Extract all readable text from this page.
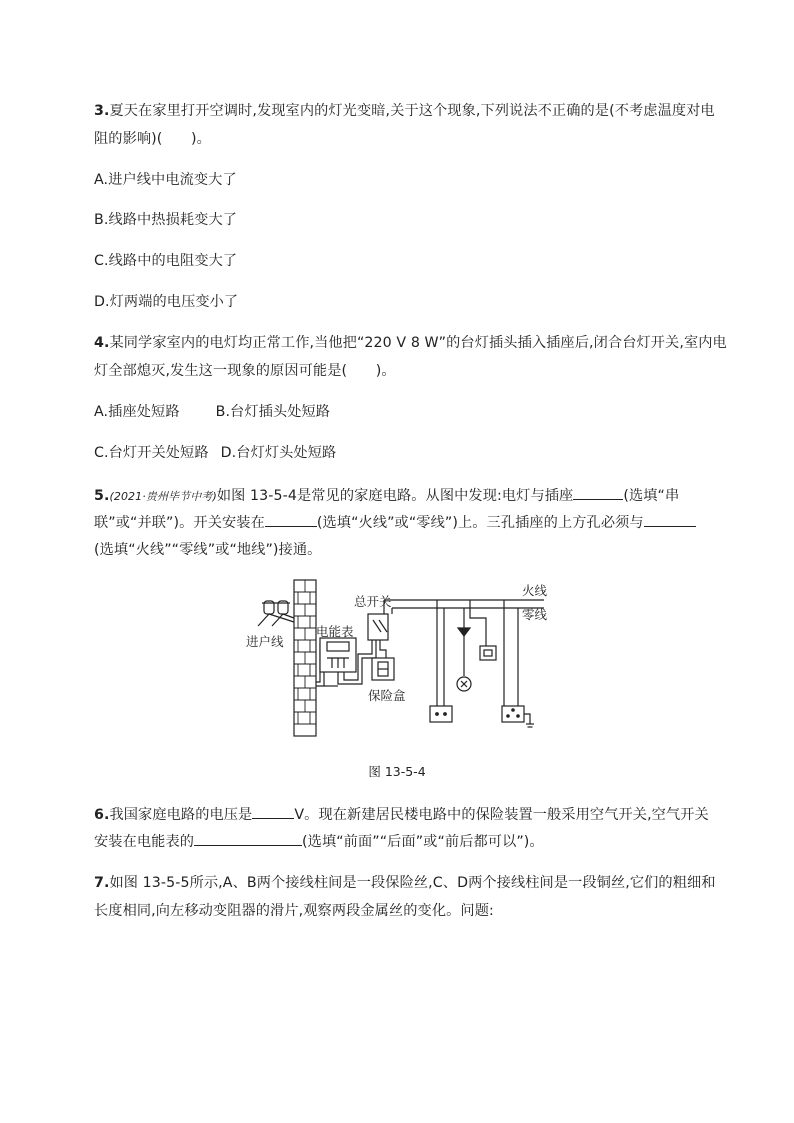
3.夏天在家里打开空调时,发现室内的灯光变暗,关于这个现象,下列说法不正确的是(不考虑温度对电
阻的影响)(　　)。
A.进户线中电流变大了
B.线路中热损耗变大了
C.线路中的电阻变大了
D.灯两端的电压变小了
4.某同学家室内的电灯均正常工作,当他把“220 V 8 W”的台灯插头插入插座后,闭合台灯开关,室内电
灯全部熄灭,发生这一现象的原因可能是(　　)。
A.插座处短路	B.台灯插头处短路
C.台灯开关处短路 D.台灯灯头处短路
5.(2021·贵州毕节中考)如图 13-5-4是常见的家庭电路。从图中发现:电灯与插座	(选填“串
联”或“并联”)。开关安装在	(选填“火线”或“零线”)上。三孔插座的上方孔必须与
(选填“火线”“零线”或“地线”)接通。
火线
零线
总开关
电能表
进户线
保险盒
图 13-5-4
6.我国家庭电路的电压是	V。现在新建居民楼电路中的保险装置一般采用空气开关,空气开关
安装在电能表的	(选填“前面”“后面”或“前后都可以”)。
7.如图 13-5-5所示,A、B两个接线柱间是一段保险丝,C、D两个接线柱间是一段铜丝,它们的粗细和
长度相同,向左移动变阻器的滑片,观察两段金属丝的变化。问题:
